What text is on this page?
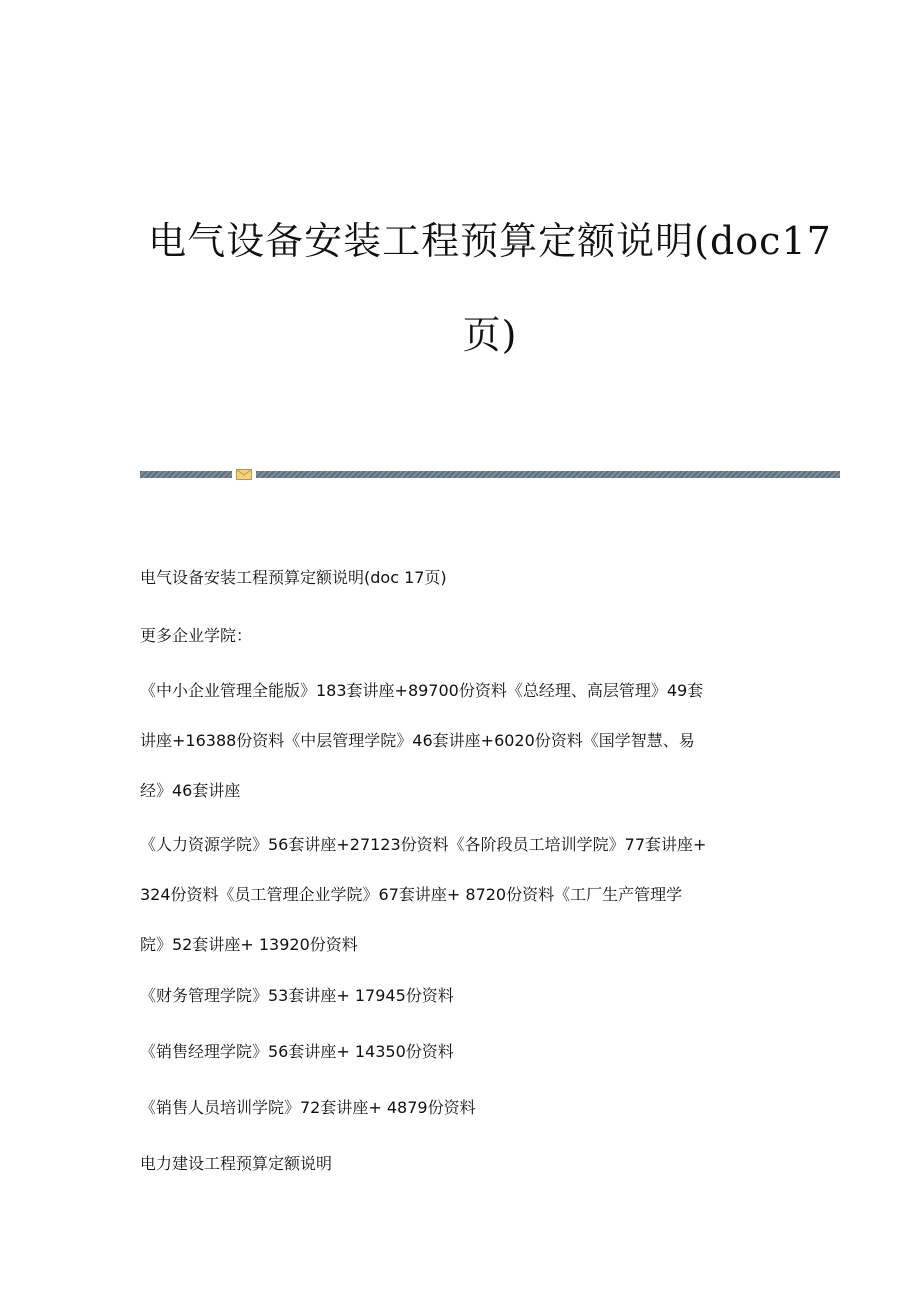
电气设备安装工程预算定额说明(doc17
页)
电气设备安装工程预算定额说明(doc 17页)
更多企业学院：
《中小企业管理全能版》183套讲座+89700份资料《总经理、高层管理》49套
讲座+16388份资料《中层管理学院》46套讲座+6020份资料《国学智慧、易
经》46套讲座
《人力资源学院》56套讲座+27123份资料《各阶段员工培训学院》77套讲座+
324份资料《员工管理企业学院》67套讲座+ 8720份资料《工厂生产管理学
院》52套讲座+ 13920份资料
《财务管理学院》53套讲座+ 17945份资料
《销售经理学院》56套讲座+ 14350份资料
《销售人员培训学院》72套讲座+ 4879份资料
电力建设工程预算定额说明
